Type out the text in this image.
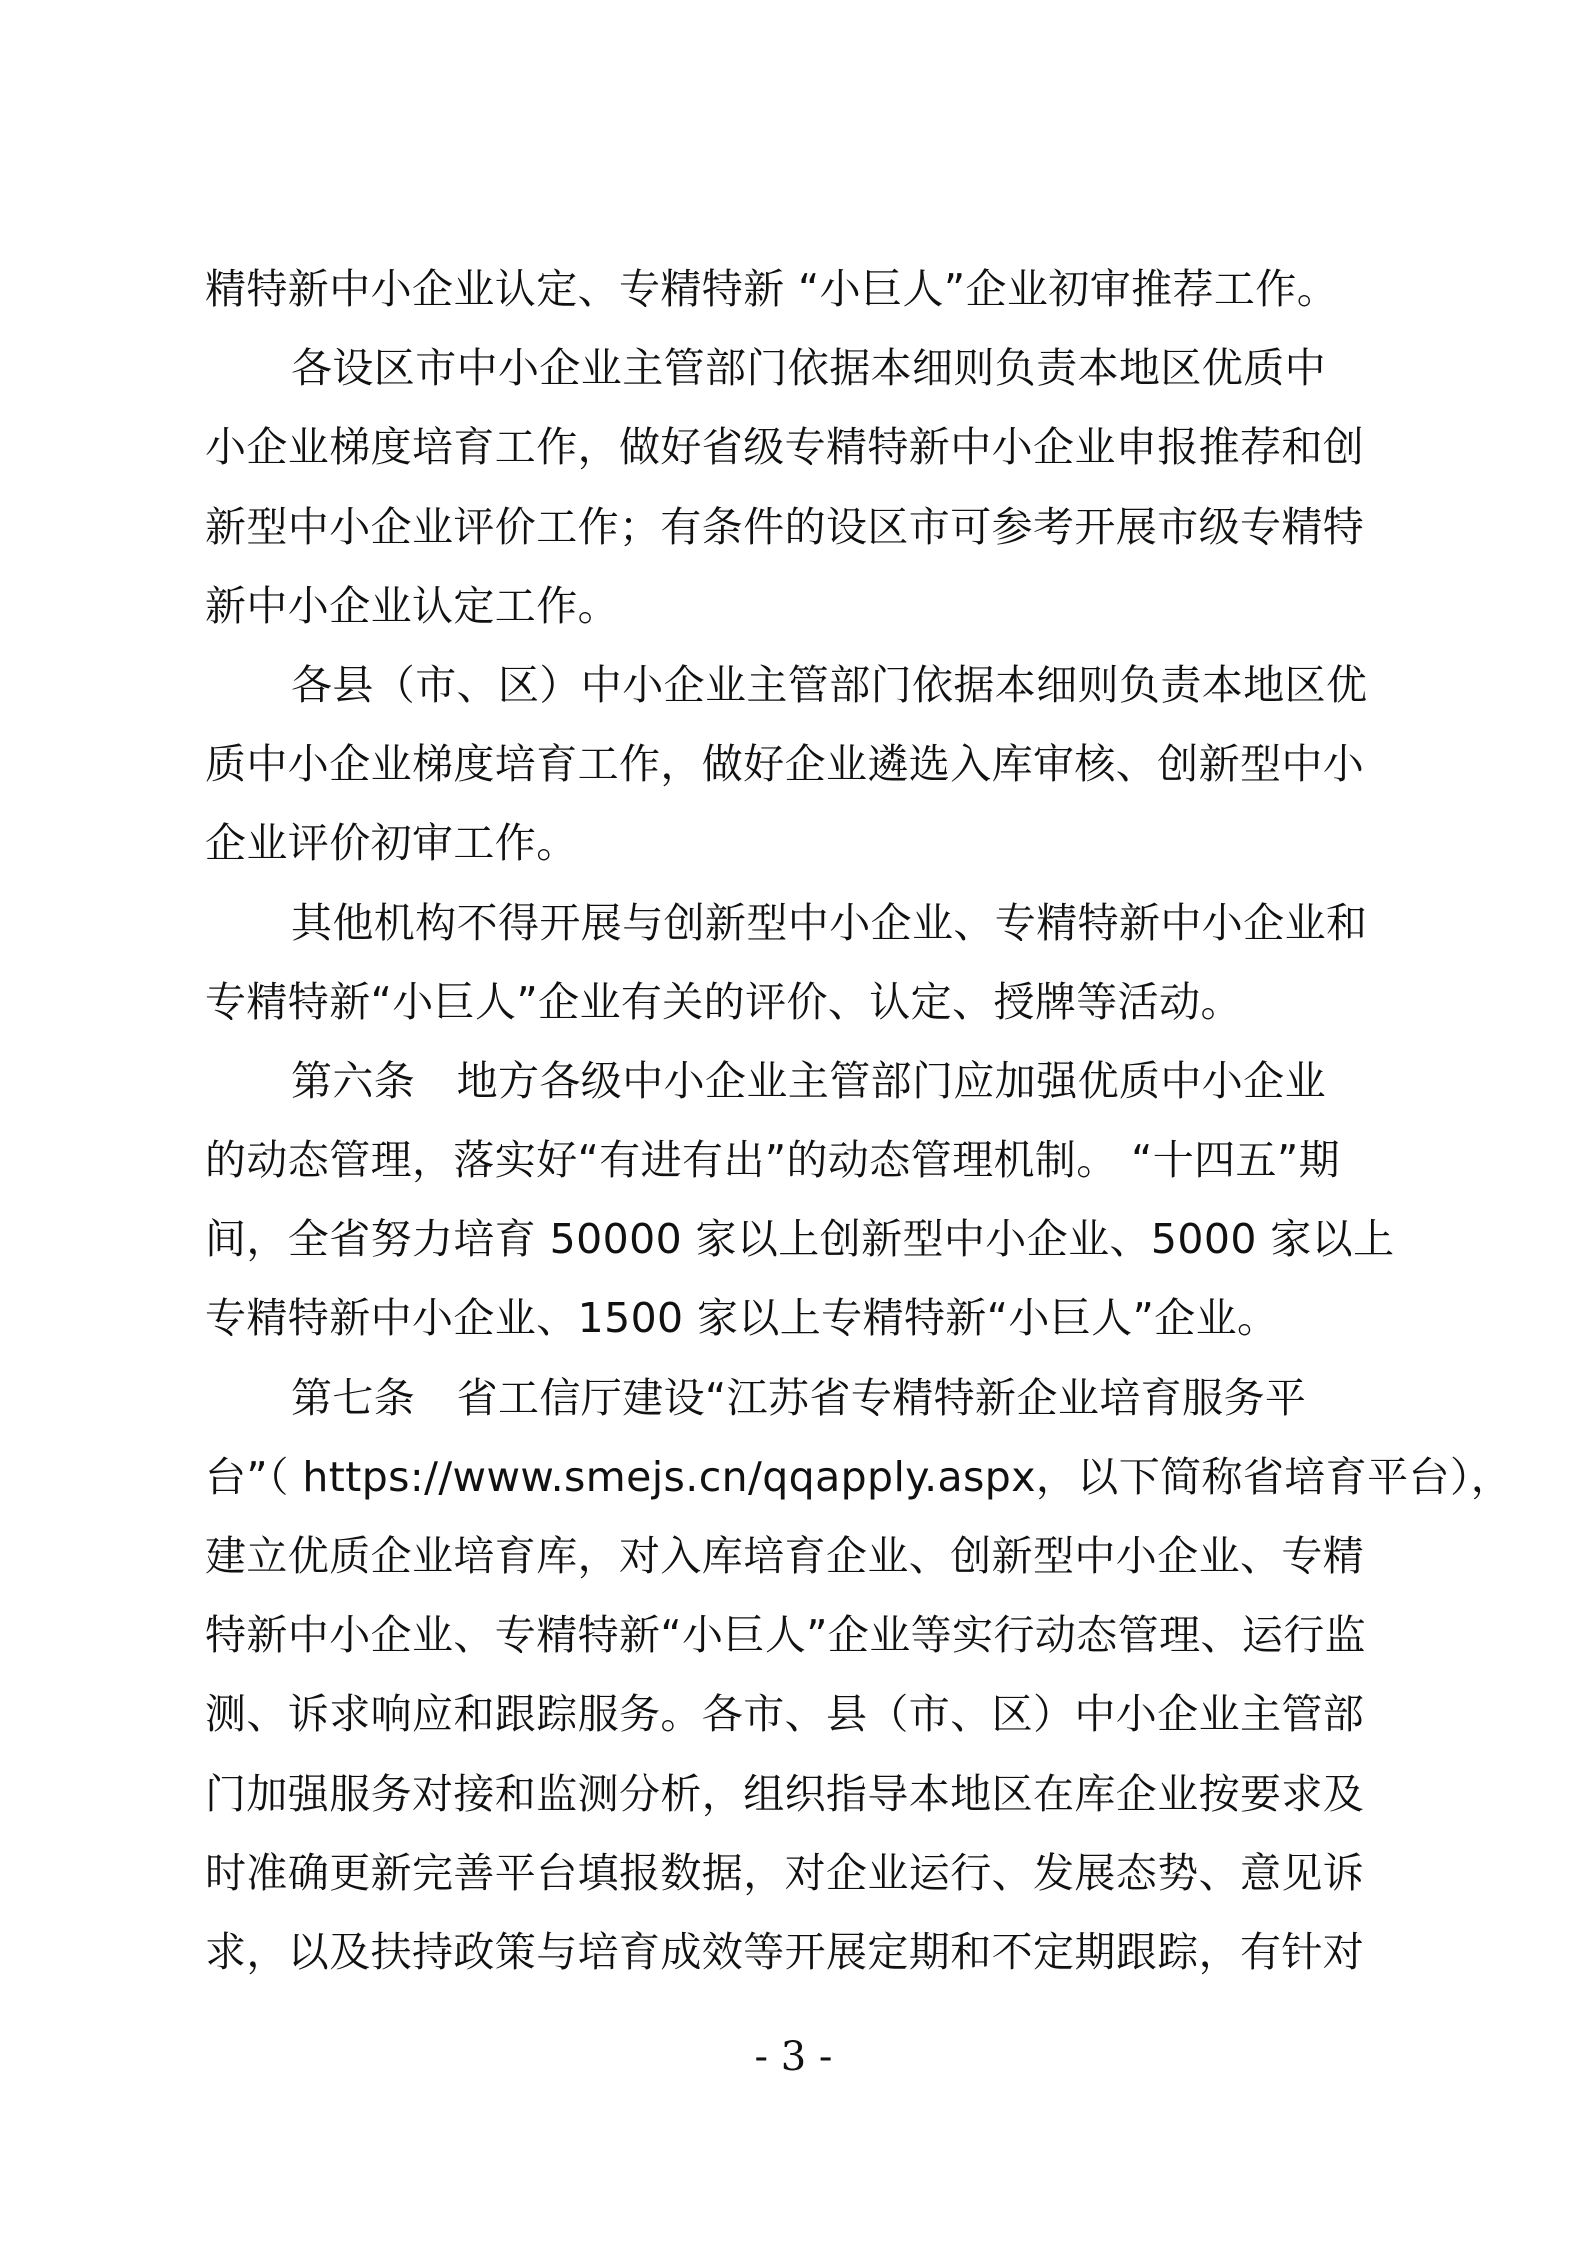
精特新中小企业认定、专精特新 “小巨人”企业初审推荐工作。
各设区市中小企业主管部门依据本细则负责本地区优质中
小企业梯度培育工作，做好省级专精特新中小企业申报推荐和创
新型中小企业评价工作；有条件的设区市可参考开展市级专精特
新中小企业认定工作。
各县（市、区）中小企业主管部门依据本细则负责本地区优
质中小企业梯度培育工作，做好企业遴选入库审核、创新型中小
企业评价初审工作。
其他机构不得开展与创新型中小企业、专精特新中小企业和
专精特新“小巨人”企业有关的评价、认定、授牌等活动。
第六条　地方各级中小企业主管部门应加强优质中小企业
的动态管理，落实好“有进有出”的动态管理机制。 “十四五”期
间，全省努力培育 50000 家以上创新型中小企业、5000 家以上
专精特新中小企业、1500 家以上专精特新“小巨人”企业。
第七条　省工信厅建设“江苏省专精特新企业培育服务平
台”（ https://www.smejs.cn/qqapply.aspx，以下简称省培育平台），
建立优质企业培育库，对入库培育企业、创新型中小企业、专精
特新中小企业、专精特新“小巨人”企业等实行动态管理、运行监
测、诉求响应和跟踪服务。各市、县（市、区）中小企业主管部
门加强服务对接和监测分析，组织指导本地区在库企业按要求及
时准确更新完善平台填报数据，对企业运行、发展态势、意见诉
求，以及扶持政策与培育成效等开展定期和不定期跟踪，有针对
- 3 -
